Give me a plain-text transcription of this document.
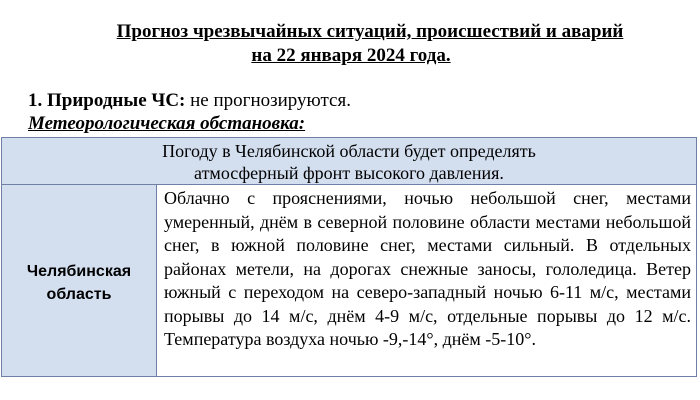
Прогноз чрезвычайных ситуаций, происшествий и аварий
на 22 января 2024 года.
1. Природные ЧС: не прогнозируются.
Метеорологическая обстановка:
Погоду в Челябинской области будет определять
атмосферный фронт высокого давления.
Челябинская
область
Облачно с прояснениями, ночью небольшой снег, местами умеренный, днём в северной половине области местами небольшой снег, в южной половине снег, местами сильный. В отдельных районах метели, на дорогах снежные заносы, гололедица. Ветер южный с переходом на северо-западный ночью 6-11 м/с, местами порывы до 14 м/с, днём 4-9 м/с, отдельные порывы до 12 м/с. Температура воздуха ночью -9,-14°, днём -5-10°.
